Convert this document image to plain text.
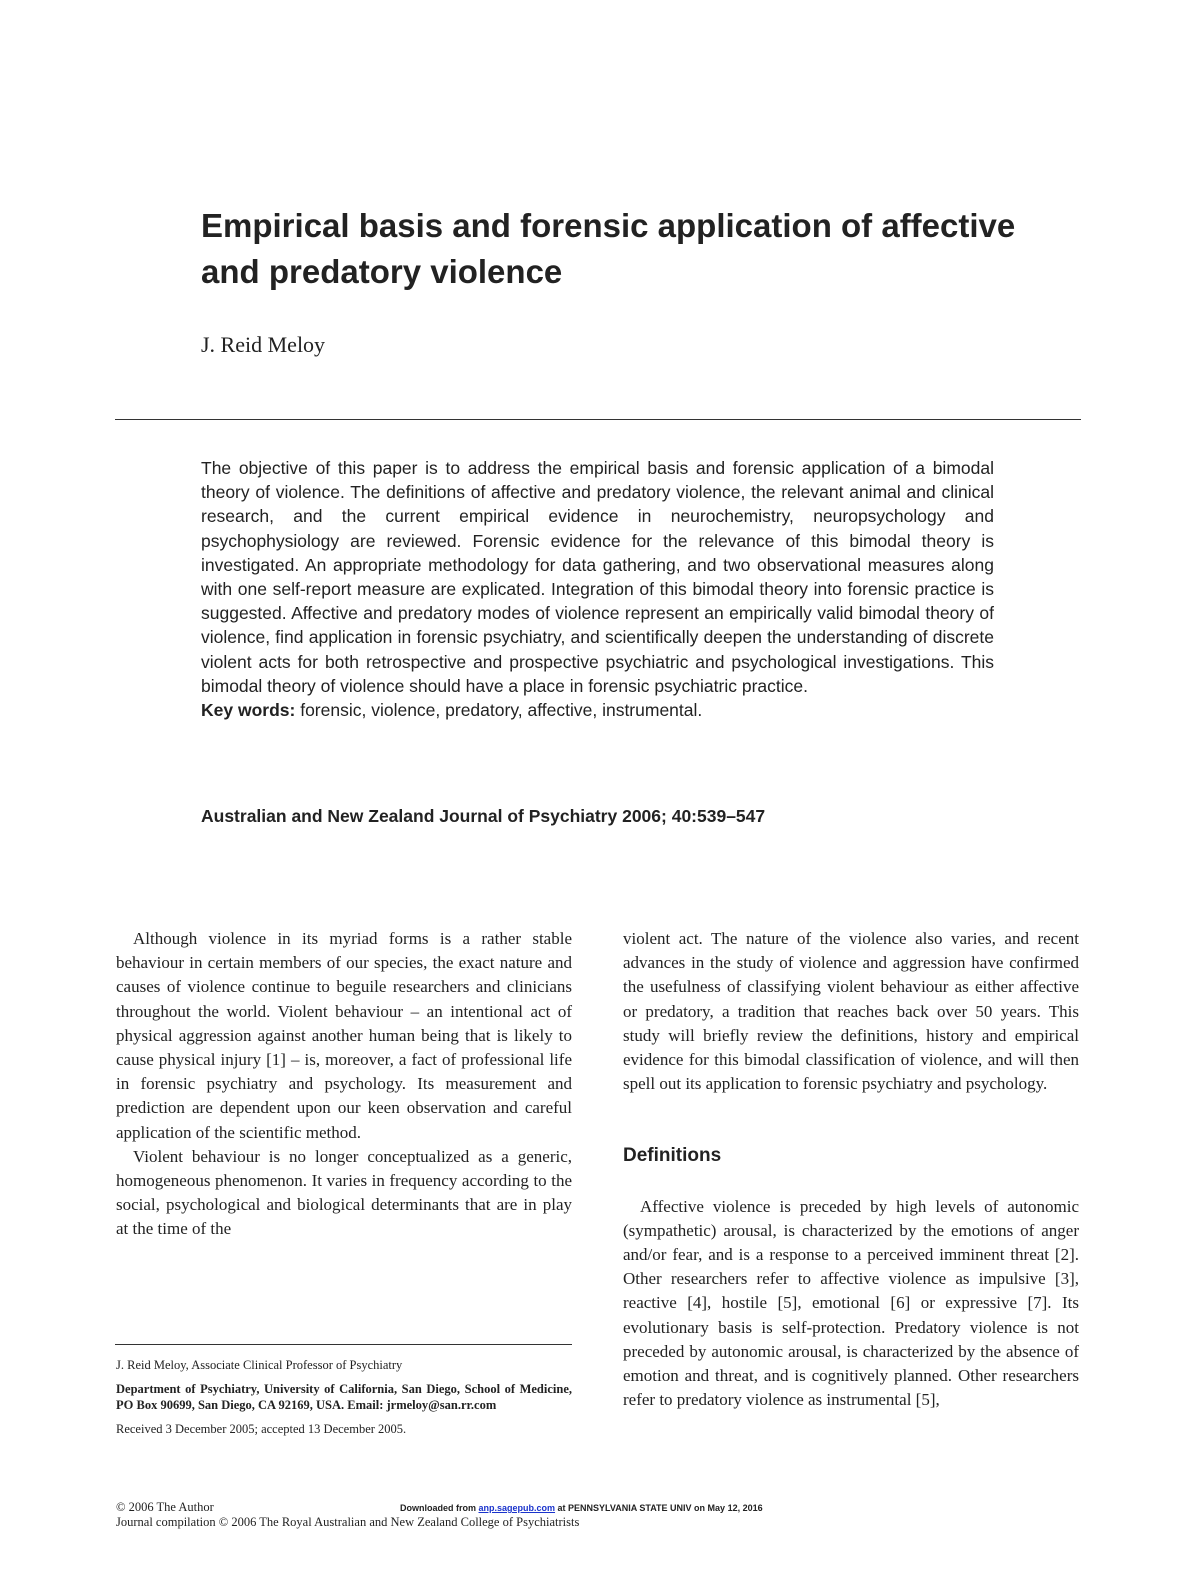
Empirical basis and forensic application of affective and predatory violence
J. Reid Meloy

The objective of this paper is to address the empirical basis and forensic application of a bimodal theory of violence. The definitions of affective and predatory violence, the relevant animal and clinical research, and the current empirical evidence in neurochemistry, neuropsychology and psychophysiology are reviewed. Forensic evidence for the relevance of this bimodal theory is investigated. An appropriate methodology for data gathering, and two observational measures along with one self-report measure are explicated. Integration of this bimodal theory into forensic practice is suggested. Affective and predatory modes of violence represent an empirically valid bimodal theory of violence, find application in forensic psychiatry, and scientifically deepen the understanding of discrete violent acts for both retrospective and prospective psychiatric and psychological investigations. This bimodal theory of violence should have a place in forensic psychiatric practice.

Key words: forensic, violence, predatory, affective, instrumental.

Australian and New Zealand Journal of Psychiatry 2006; 40:539–547

Although violence in its myriad forms is a rather stable behaviour in certain members of our species, the exact nature and causes of violence continue to beguile researchers and clinicians throughout the world. Violent behaviour – an intentional act of physical aggression against another human being that is likely to cause physical injury [1] – is, moreover, a fact of professional life in forensic psychiatry and psychology. Its measurement and prediction are dependent upon our keen observation and careful application of the scientific method.

Violent behaviour is no longer conceptualized as a generic, homogeneous phenomenon. It varies in frequency according to the social, psychological and biological determinants that are in play at the time of the

violent act. The nature of the violence also varies, and recent advances in the study of violence and aggression have confirmed the usefulness of classifying violent behaviour as either affective or predatory, a tradition that reaches back over 50 years. This study will briefly review the definitions, history and empirical evidence for this bimodal classification of violence, and will then spell out its application to forensic psychiatry and psychology.

Definitions

Affective violence is preceded by high levels of autonomic (sympathetic) arousal, is characterized by the emotions of anger and/or fear, and is a response to a perceived imminent threat [2]. Other researchers refer to affective violence as impulsive [3], reactive [4], hostile [5], emotional [6] or expressive [7]. Its evolutionary basis is self-protection. Predatory violence is not preceded by autonomic arousal, is characterized by the absence of emotion and threat, and is cognitively planned. Other researchers refer to predatory violence as instrumental [5],

J. Reid Meloy, Associate Clinical Professor of Psychiatry

Department of Psychiatry, University of California, San Diego, School of Medicine, PO Box 90699, San Diego, CA 92169, USA. Email: jrmeloy@san.rr.com

Received 3 December 2005; accepted 13 December 2005.

© 2006 The Author
Journal compilation © 2006 The Royal Australian and New Zealand College of Psychiatrists
Downloaded from anp.sagepub.com at PENNSYLVANIA STATE UNIV on May 12, 2016
